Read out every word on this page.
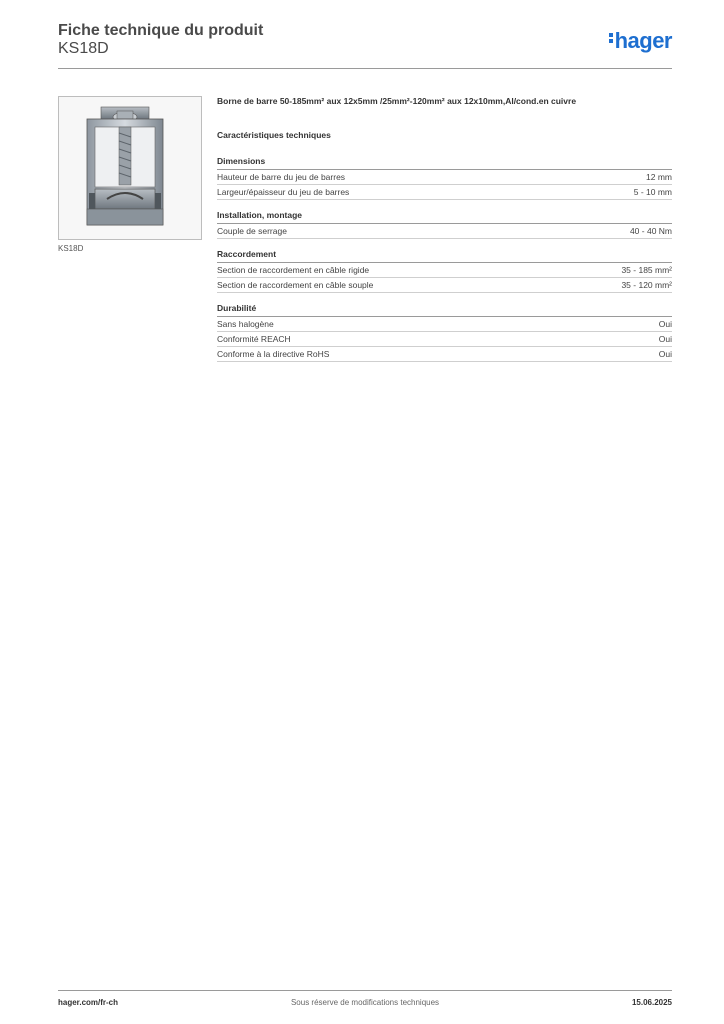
Fiche technique du produit
KS18D	hager
KS18D
Borne de barre 50-185mm² aux 12x5mm /25mm²-120mm² aux 12x10mm,Al/cond.en cuivre
Caractéristiques techniques
Dimensions
Hauteur de barre du jeu de barres	12 mm
Largeur/épaisseur du jeu de barres	5 - 10 mm
Installation, montage
Couple de serrage	40 - 40 Nm
Raccordement
Section de raccordement en câble rigide	35 - 185 mm²
Section de raccordement en câble souple	35 - 120 mm²
Durabilité
Sans halogène	Oui
Conformité REACH	Oui
Conforme à la directive RoHS	Oui
hager.com/fr-ch	Sous réserve de modifications techniques	15.06.2025
